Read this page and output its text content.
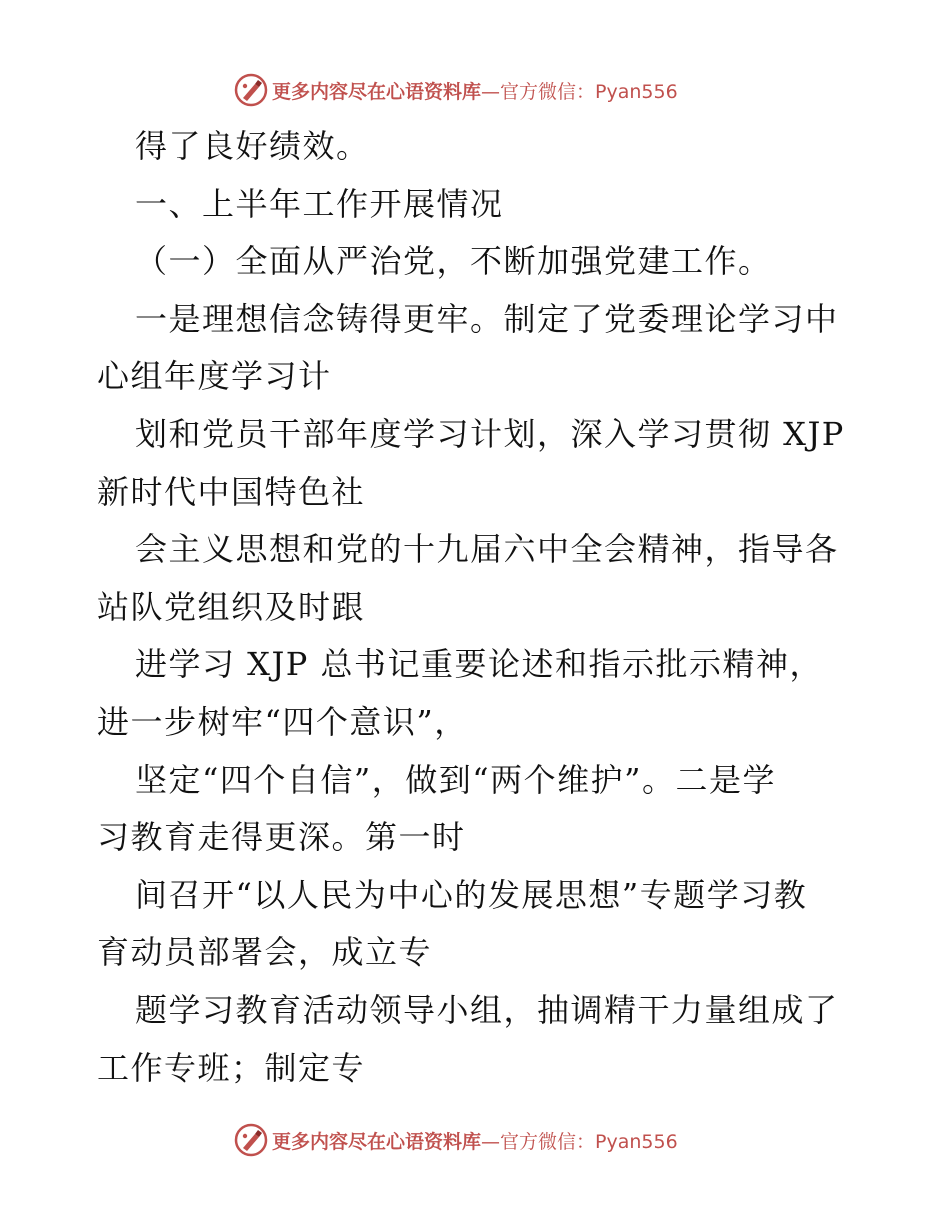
更多内容尽在心语资料库—官方微信：Pyan556
得了良好绩效。
一、上半年工作开展情况
（一）全面从严治党，不断加强党建工作。
一是理想信念铸得更牢。制定了党委理论学习中
心组年度学习计
划和党员干部年度学习计划，深入学习贯彻 XJP
新时代中国特色社
会主义思想和党的十九届六中全会精神，指导各
站队党组织及时跟
进学习 XJP 总书记重要论述和指示批示精神，
进一步树牢“四个意识”，
坚定“四个自信”，做到“两个维护”。二是学
习教育走得更深。第一时
间召开“以人民为中心的发展思想”专题学习教
育动员部署会，成立专
题学习教育活动领导小组，抽调精干力量组成了
工作专班；制定专
更多内容尽在心语资料库—官方微信：Pyan556
